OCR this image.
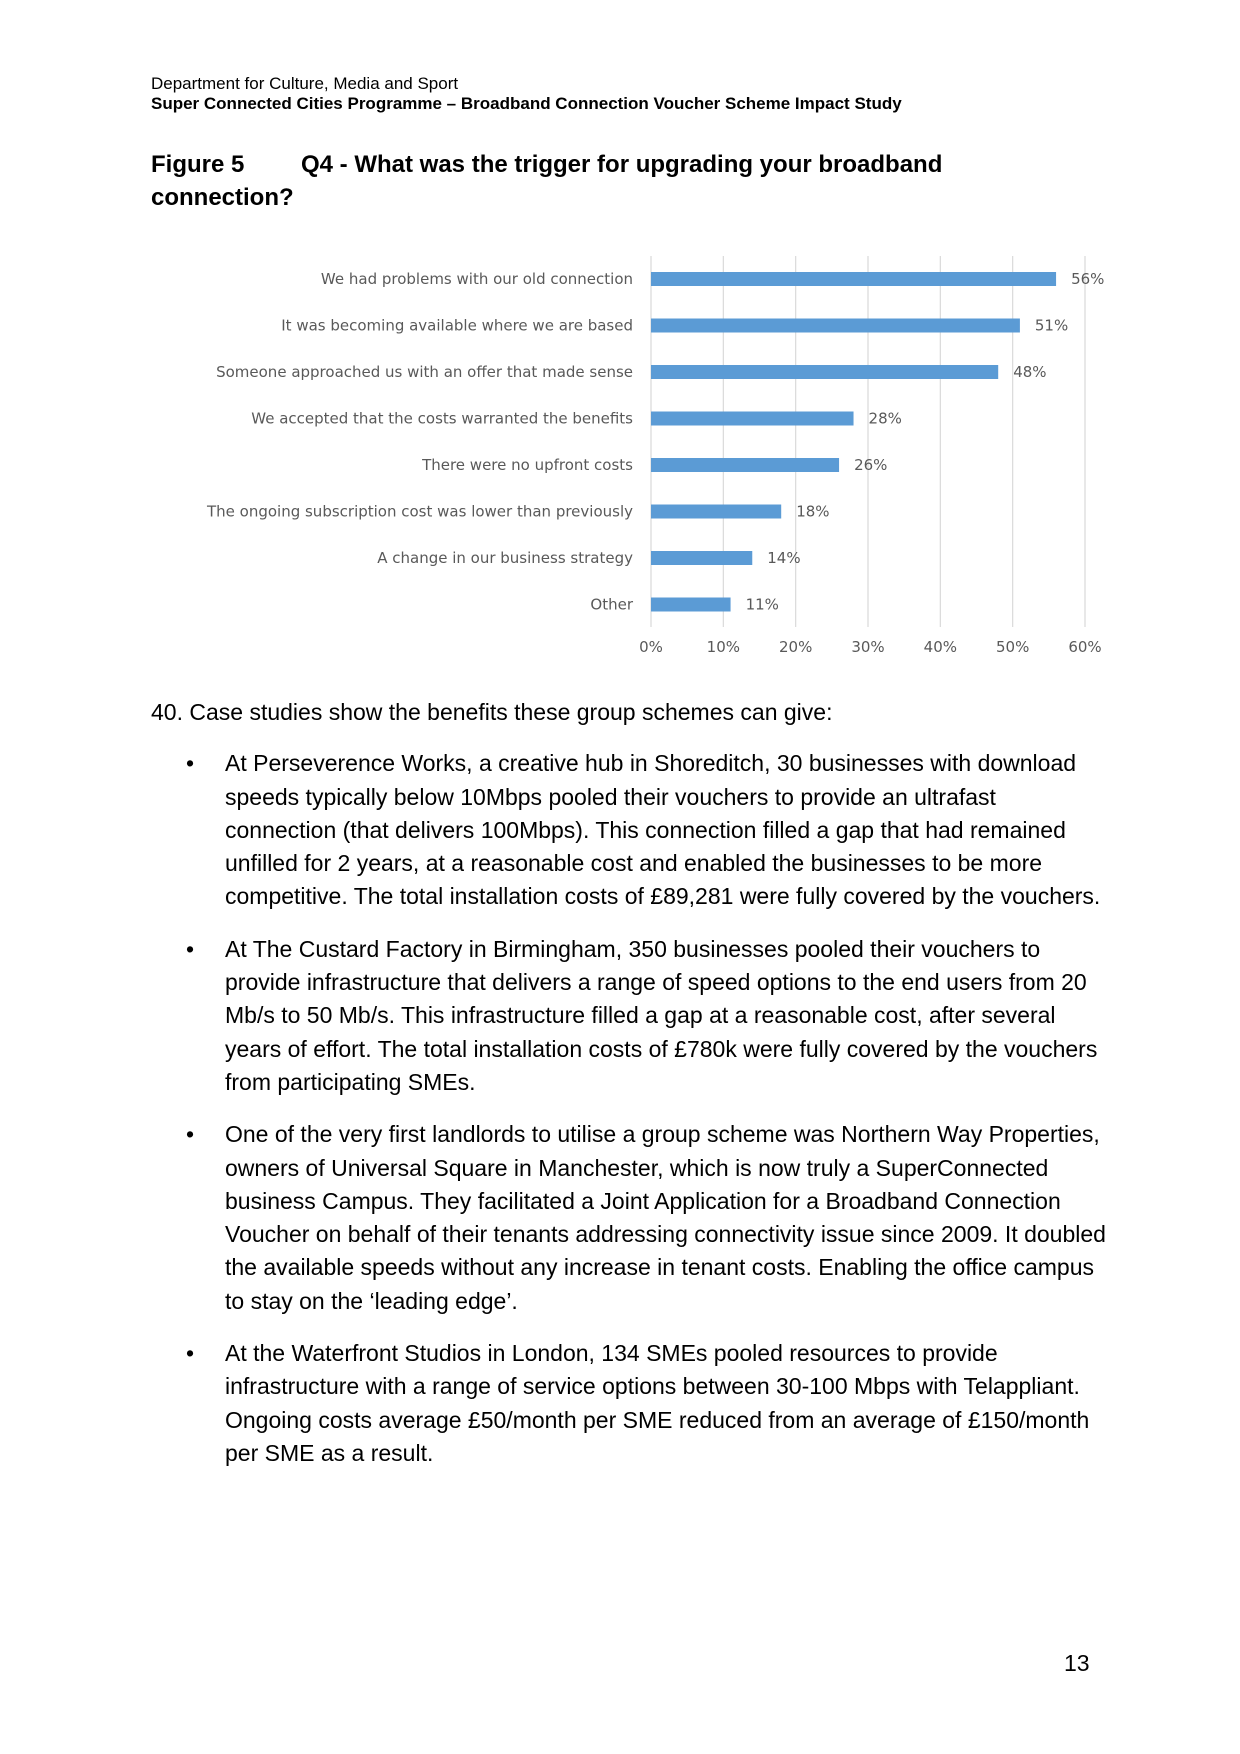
Department for Culture, Media and Sport
Super Connected Cities Programme – Broadband Connection Voucher Scheme Impact Study
Figure 5 Q4 - What was the trigger for upgrading your broadband connection?
0%	10%	20%	30%	40%	50%	60%
We had problems with our old connection	56%
It was becoming available where we are based	51%
Someone approached us with an offer that made sense	48%
We accepted that the costs warranted the benefits	28%
There were no upfront costs	26%
The ongoing subscription cost was lower than previously	18%
A change in our business strategy	14%
Other	11%

40. Case studies show the benefits these group schemes can give:

• At Perseverence Works, a creative hub in Shoreditch, 30 businesses with download speeds typically below 10Mbps pooled their vouchers to provide an ultrafast connection (that delivers 100Mbps). This connection filled a gap that had remained unfilled for 2 years, at a reasonable cost and enabled the businesses to be more competitive. The total installation costs of £89,281 were fully covered by the vouchers.
• At The Custard Factory in Birmingham, 350 businesses pooled their vouchers to provide infrastructure that delivers a range of speed options to the end users from 20 Mb/s to 50 Mb/s. This infrastructure filled a gap at a reasonable cost, after several years of effort. The total installation costs of £780k were fully covered by the vouchers from participating SMEs.
• One of the very first landlords to utilise a group scheme was Northern Way Properties, owners of Universal Square in Manchester, which is now truly a SuperConnected business Campus. They facilitated a Joint Application for a Broadband Connection Voucher on behalf of their tenants addressing connectivity issue since 2009. It doubled the available speeds without any increase in tenant costs. Enabling the office campus to stay on the ‘leading edge’.
• At the Waterfront Studios in London, 134 SMEs pooled resources to provide infrastructure with a range of service options between 30-100 Mbps with Telappliant. Ongoing costs average £50/month per SME reduced from an average of £150/month per SME as a result.
13
